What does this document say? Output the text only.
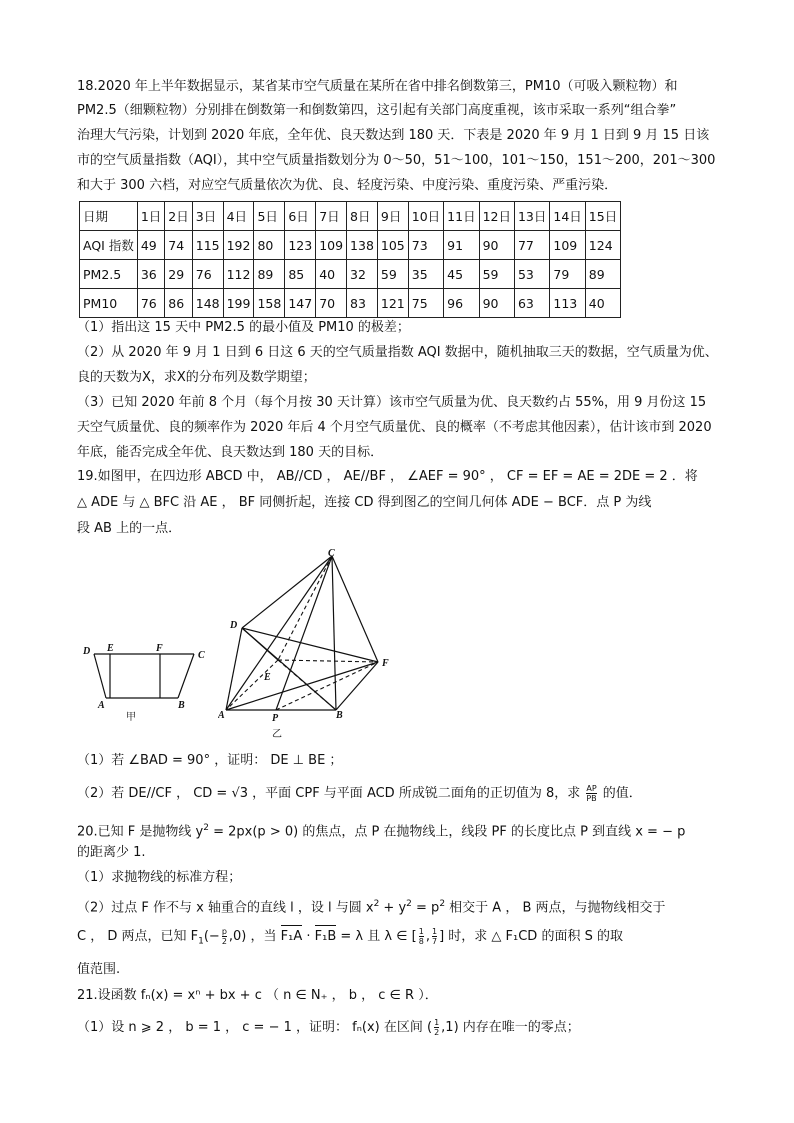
18.2020 年上半年数据显示，某省某市空气质量在某所在省中排名倒数第三，PM10（可吸入颗粒物）和
PM2.5（细颗粒物）分别排在倒数第一和倒数第四，这引起有关部门高度重视，该市采取一系列“组合拳”
治理大气污染，计划到 2020 年底，全年优、良天数达到 180 天．下表是 2020 年 9 月 1 日到 9 月 15 日该
市的空气质量指数（AQI），其中空气质量指数划分为 0～50，51～100，101～150，151～200，201～300
和大于 300 六档，对应空气质量依次为优、良、轻度污染、中度污染、重度污染、严重污染．
日期	1日	2日	3日	4日	5日	6日	7日	8日	9日	10日	11日	12日	13日	14日	15日
AQI 指数	49	74	115	192	80	123	109	138	105	73	91	90	77	109	124
PM2.5	36	29	76	112	89	85	40	32	59	35	45	59	53	79	89
PM10	76	86	148	199	158	147	70	83	121	75	96	90	63	113	40
（1）指出这 15 天中 PM2.5 的最小值及 PM10 的极差；
（2）从 2020 年 9 月 1 日到 6 日这 6 天的空气质量指数 AQI 数据中，随机抽取三天的数据，空气质量为优、
良的天数为X，求X的分布列及数学期望；
（3）已知 2020 年前 8 个月（每个月按 30 天计算）该市空气质量为优、良天数约占 55%，用 9 月份这 15
天空气质量优、良的频率作为 2020 年后 4 个月空气质量优、良的概率（不考虑其他因素），估计该市到 2020
年底，能否完成全年优、良天数达到 180 天的目标．
19.如图甲，在四边形 ABCD 中， AB//CD ， AE//BF ， ∠AEF = 90° ， CF = EF = AE = 2DE = 2 ．将
△ ADE 与 △ BFC 沿 AE ， BF 同侧折起，连接 CD 得到图乙的空间几何体 ADE − BCF．点 P 为线
段 AB 上的一点．
D E	F
C
A	B
甲
C
D
E
F
A	P	B
乙
（1）若 ∠BAD = 90° ，证明： DE ⊥ BE ；
（2）若 DE//CF ， CD = √3 ，平面 CPF 与平面 ACD 所成锐二面角的正切值为 8，求 $\frac{AP}{PB}$ 的值．
20.已知 F 是抛物线 $y^2 = 2px(p > 0)$ 的焦点，点 P 在抛物线上，线段 PF 的长度比点 P 到直线 x = − p
的距离少 1.
（1）求抛物线的标准方程；
（2）过点 F 作不与 x 轴重合的直线 l ，设 l 与圆 $x^2 + y^2 = p^2$ 相交于 A ， B 两点，与抛物线相交于
C ， D 两点，已知 $F_1(- \frac{p}{2} ,0)$ ，当 F₁A · F₁B = λ 且 λ ∈ [ $\frac{1}{8}$ , $\frac{1}{7}$ ] 时，求 △ F₁CD 的面积 S 的取
值范围.
21.设函数 fₙ(x) = xⁿ + bx + c （ n ∈ N₊ ， b ， c ∈ R ）．
（1）设 n ⩾ 2 ， b = 1 ， c = − 1 ，证明： fₙ(x) 在区间 ( $\frac{1}{2} ,1$) 内存在唯一的零点；
